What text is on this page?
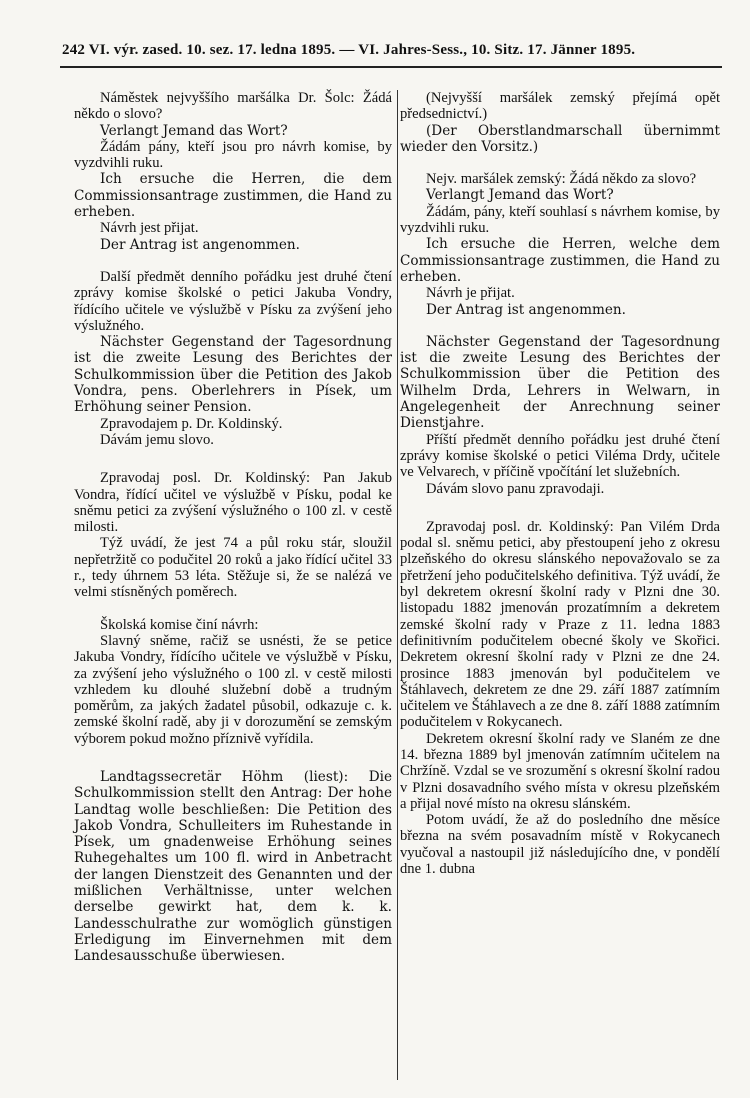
242 VI. výr. zased. 10. sez. 17. ledna 1895. — VI. Jahres-Sess., 10. Sitz. 17. Jänner 1895.

Náměstek nejvyššího maršálka Dr. Šolc: Žádá někdo o slovo?

Verlangt Jemand das Wort?

Žádám pány, kteří jsou pro návrh komise, by vyzdvihli ruku.

Ich ersuche die Herren, die dem Commissionsantrage zustimmen, die Hand zu erheben.

Návrh jest přijat.

Der Antrag ist angenommen.

Další předmět denního pořádku jest druhé čtení zprávy komise školské o petici Jakuba Vondry, řídícího učitele ve výslužbě v Písku za zvýšení jeho výslužného.

Nächster Gegenstand der Tagesordnung ist die zweite Lesung des Berichtes der Schulkommission über die Petition des Jakob Vondra, pens. Oberlehrers in Písek, um Erhöhung seiner Pension.

Zpravodajem p. Dr. Koldinský.

Dávám jemu slovo.

Zpravodaj posl. Dr. Koldinský: Pan Jakub Vondra, řídící učitel ve výslužbě v Písku, podal ke sněmu petici za zvýšení výslužného o 100 zl. v cestě milosti.

Týž uvádí, že jest 74 a půl roku stár, sloužil nepřetržitě co podučitel 20 roků a jako řídící učitel 33 r., tedy úhrnem 53 léta. Stěžuje si, že se nalézá ve velmi stísněných poměrech.

Školská komise činí návrh:

Slavný sněme, račiž se usnésti, že se petice Jakuba Vondry, řídícího učitele ve výslužbě v Písku, za zvýšení jeho výslužného o 100 zl. v cestě milosti vzhledem ku dlouhé služební době a trudným poměrům, za jakých žadatel působil, odkazuje c. k. zemské školní radě, aby ji v dorozumění se zemským výborem pokud možno příznivě vyřídila.

Landtagssecretär Höhm (liest): Die Schulkommission stellt den Antrag: Der hohe Landtag wolle beschließen: Die Petition des Jakob Vondra, Schulleiters im Ruhestande in Písek, um gnadenweise Erhöhung seines Ruhegehaltes um 100 fl. wird in Anbetracht der langen Dienstzeit des Genannten und der mißlichen Verhältnisse, unter welchen derselbe gewirkt hat, dem k. k. Landesschulrathe zur womöglich günstigen Erledigung im Einvernehmen mit dem Landesausschuße überwiesen.

(Nejvyšší maršálek zemský přejímá opět předsednictví.)

(Der Oberstlandmarschall übernimmt wieder den Vorsitz.)

Nejv. maršálek zemský: Žádá někdo za slovo?

Verlangt Jemand das Wort?

Žádám, pány, kteří souhlasí s návrhem komise, by vyzdvihli ruku.

Ich ersuche die Herren, welche dem Commissionsantrage zustimmen, die Hand zu erheben.

Návrh je přijat.

Der Antrag ist angenommen.

Nächster Gegenstand der Tagesordnung ist die zweite Lesung des Berichtes der Schulkommission über die Petition des Wilhelm Drda, Lehrers in Welwarn, in Angelegenheit der Anrechnung seiner Dienstjahre.

Příští předmět denního pořádku jest druhé čtení zprávy komise školské o petici Viléma Drdy, učitele ve Velvarech, v příčině vpočítání let služebních.

Dávám slovo panu zpravodaji.

Zpravodaj posl. dr. Koldinský: Pan Vilém Drda podal sl. sněmu petici, aby přestoupení jeho z okresu plzeňského do okresu slánského nepovažovalo se za přetržení jeho podučitelského definitiva. Týž uvádí, že byl dekretem okresní školní rady v Plzni dne 30. listopadu 1882 jmenován prozatímním a dekretem zemské školní rady v Praze z 11. ledna 1883 definitivním podučitelem obecné školy ve Skořici. Dekretem okresní školní rady v Plzni ze dne 24. prosince 1883 jmenován byl podučitelem ve Štáhlavech, dekretem ze dne 29. září 1887 zatímním učitelem ve Štáhlavech a ze dne 8. září 1888 zatímním podučitelem v Rokycanech.

Dekretem okresní školní rady ve Slaném ze dne 14. března 1889 byl jmenován zatímním učitelem na Chržíně. Vzdal se ve srozumění s okresní školní radou v Plzni dosavadního svého místa v okresu plzeňském a přijal nové místo na okresu slánském.

Potom uvádí, že až do posledního dne měsíce března na svém posavadním místě v Rokycanech vyučoval a nastoupil již následujícího dne, v pondělí dne 1. dubna
